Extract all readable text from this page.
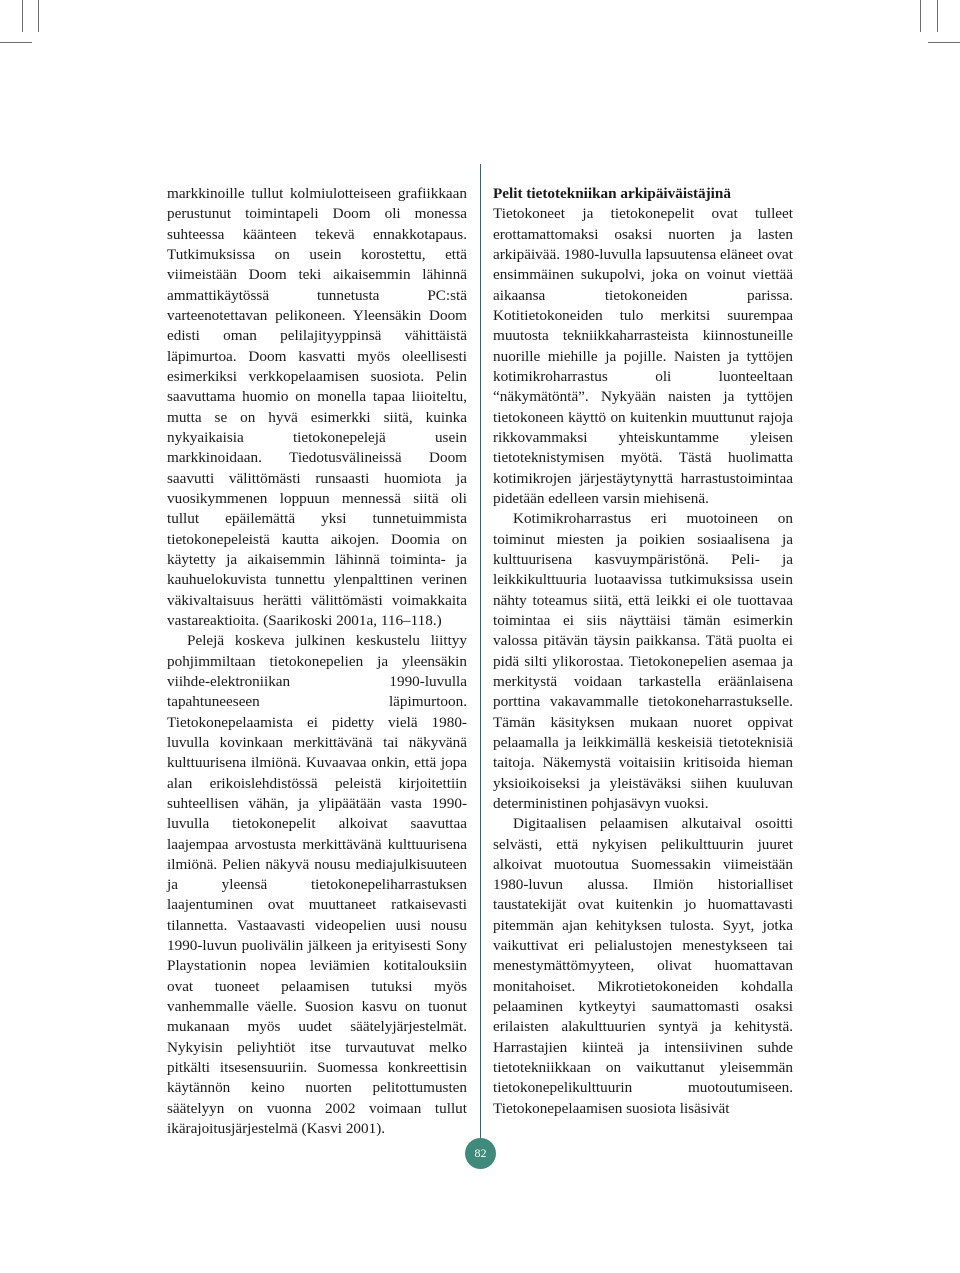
markkinoille tullut kolmiulotteiseen grafiikkaan perustunut toimintapeli Doom oli monessa suhteessa käänteen tekevä ennakkotapaus. Tutkimuksissa on usein korostettu, että viimeistään Doom teki aikaisemmin lähinnä ammattikäytössä tunnetusta PC:stä varteenotettavan pelikoneen. Yleensäkin Doom edisti oman pelilajityyppinsä vähittäistä läpimurtoa. Doom kasvatti myös oleellisesti esimerkiksi verkkopelaamisen suosiota. Pelin saavuttama huomio on monella tapaa liioiteltu, mutta se on hyvä esimerkki siitä, kuinka nykyaikaisia tietokonepelejä usein markkinoidaan. Tiedotusvälineissä Doom saavutti välittömästi runsaasti huomiota ja vuosikymmenen loppuun mennessä siitä oli tullut epäilemättä yksi tunnetuimmista tietokonepeleistä kautta aikojen. Doomia on käytetty ja aikaisemmin lähinnä toiminta- ja kauhuelokuvista tunnettu ylenpalttinen verinen väkivaltaisuus herätti välittömästi voimakkaita vastareaktioita. (Saarikoski 2001a, 116–118.)

Pelejä koskeva julkinen keskustelu liittyy pohjimmiltaan tietokonepelien ja yleensäkin viihde-elektroniikan 1990-luvulla tapahtuneeseen läpimurtoon. Tietokonepelaamista ei pidetty vielä 1980-luvulla kovinkaan merkittävänä tai näkyvänä kulttuurisena ilmiönä. Kuvaavaa onkin, että jopa alan erikoislehdistössä peleistä kirjoitettiin suhteellisen vähän, ja ylipäätään vasta 1990-luvulla tietokonepelit alkoivat saavuttaa laajempaa arvostusta merkittävänä kulttuurisena ilmiönä. Pelien näkyvä nousu mediajulkisuuteen ja yleensä tietokonepeliharrastuksen laajentuminen ovat muuttaneet ratkaisevasti tilannetta. Vastaavasti videopelien uusi nousu 1990-luvun puolivälin jälkeen ja erityisesti Sony Playstationin nopea leviämien kotitalouksiin ovat tuoneet pelaamisen tutuksi myös vanhemmalle väelle. Suosion kasvu on tuonut mukanaan myös uudet säätelyjärjestelmät. Nykyisin peliyhtiöt itse turvautuvat melko pitkälti itsesensuuriin. Suomessa konkreettisin käytännön keino nuorten pelitottumusten säätelyyn on vuonna 2002 voimaan tullut ikärajoitusjärjestelmä (Kasvi 2001).

Pelit tietotekniikan arkipäiväistäjinä

Tietokoneet ja tietokonepelit ovat tulleet erottamattomaksi osaksi nuorten ja lasten arkipäivää. 1980-luvulla lapsuutensa eläneet ovat ensimmäinen sukupolvi, joka on voinut viettää aikaansa tietokoneiden parissa. Kotitietokoneiden tulo merkitsi suurempaa muutosta tekniikkaharrasteista kiinnostuneille nuorille miehille ja pojille. Naisten ja tyttöjen kotimikroharrastus oli luonteeltaan “näkymätöntä”. Nykyään naisten ja tyttöjen tietokoneen käyttö on kuitenkin muuttunut rajoja rikkovammaksi yhteiskuntamme yleisen tietoteknistymisen myötä. Tästä huolimatta kotimikrojen järjestäytynyttä harrastustoimintaa pidetään edelleen varsin miehisenä.

Kotimikroharrastus eri muotoineen on toiminut miesten ja poikien sosiaalisena ja kulttuurisena kasvuympäristönä. Peli- ja leikkikulttuuria luotaavissa tutkimuksissa usein nähty toteamus siitä, että leikki ei ole tuottavaa toimintaa ei siis näyttäisi tämän esimerkin valossa pitävän täysin paikkansa. Tätä puolta ei pidä silti ylikorostaa. Tietokonepelien asemaa ja merkitystä voidaan tarkastella eräänlaisena porttina vakavammalle tietokoneharrastukselle. Tämän käsityksen mukaan nuoret oppivat pelaamalla ja leikkimällä keskeisiä tietoteknisiä taitoja. Näkemystä voitaisiin kritisoida hieman yksioikoiseksi ja yleistäväksi siihen kuuluvan deterministinen pohjasävyn vuoksi.

Digitaalisen pelaamisen alkutaival osoitti selvästi, että nykyisen pelikulttuurin juuret alkoivat muotoutua Suomessakin viimeistään 1980-luvun alussa. Ilmiön historialliset taustatekijät ovat kuitenkin jo huomattavasti pitemmän ajan kehityksen tulosta. Syyt, jotka vaikuttivat eri pelialustojen menestykseen tai menestymättömyyteen, olivat huomattavan monitahoiset. Mikrotietokoneiden kohdalla pelaaminen kytkeytyi saumattomasti osaksi erilaisten alakulttuurien syntyä ja kehitystä. Harrastajien kiinteä ja intensiivinen suhde tietotekniikkaan on vaikuttanut yleisemmän tietokonepelikulttuurin muotoutumiseen. Tietokonepelaamisen suosiota lisäsivät

82
